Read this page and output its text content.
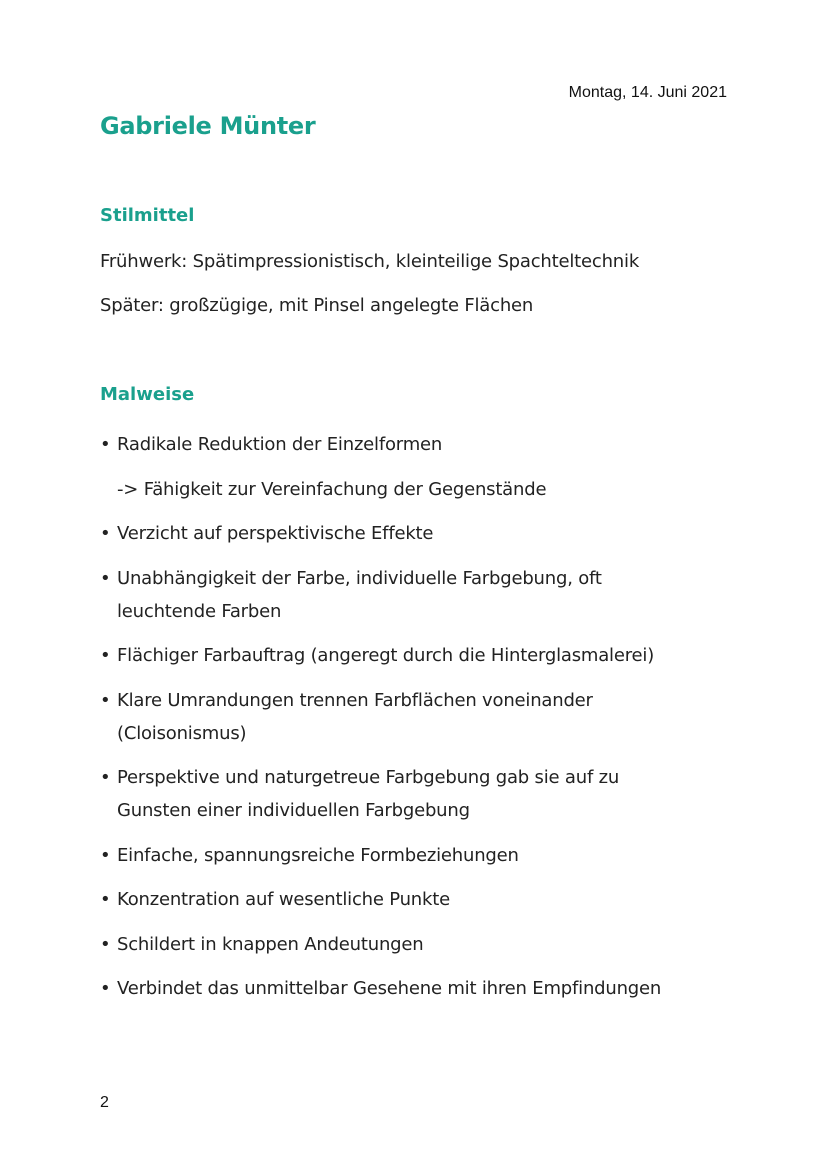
Montag, 14. Juni 2021
Gabriele Münter
Stilmittel

Frühwerk: Spätimpressionistisch, kleinteilige Spachteltechnik

Später: großzügige, mit Pinsel angelegte Flächen

Malweise
• Radikale Reduktion der Einzelformen
-> Fähigkeit zur Vereinfachung der Gegenstände
• Verzicht auf perspektivische Effekte
• Unabhängigkeit der Farbe, individuelle Farbgebung, oft leuchtende Farben
• Flächiger Farbauftrag (angeregt durch die Hinterglasmalerei)
• Klare Umrandungen trennen Farbflächen voneinander (Cloisonismus)
• Perspektive und naturgetreue Farbgebung gab sie auf zu Gunsten einer individuellen Farbgebung
• Einfache, spannungsreiche Formbeziehungen
• Konzentration auf wesentliche Punkte
• Schildert in knappen Andeutungen
• Verbindet das unmittelbar Gesehene mit ihren Empfindungen
2
